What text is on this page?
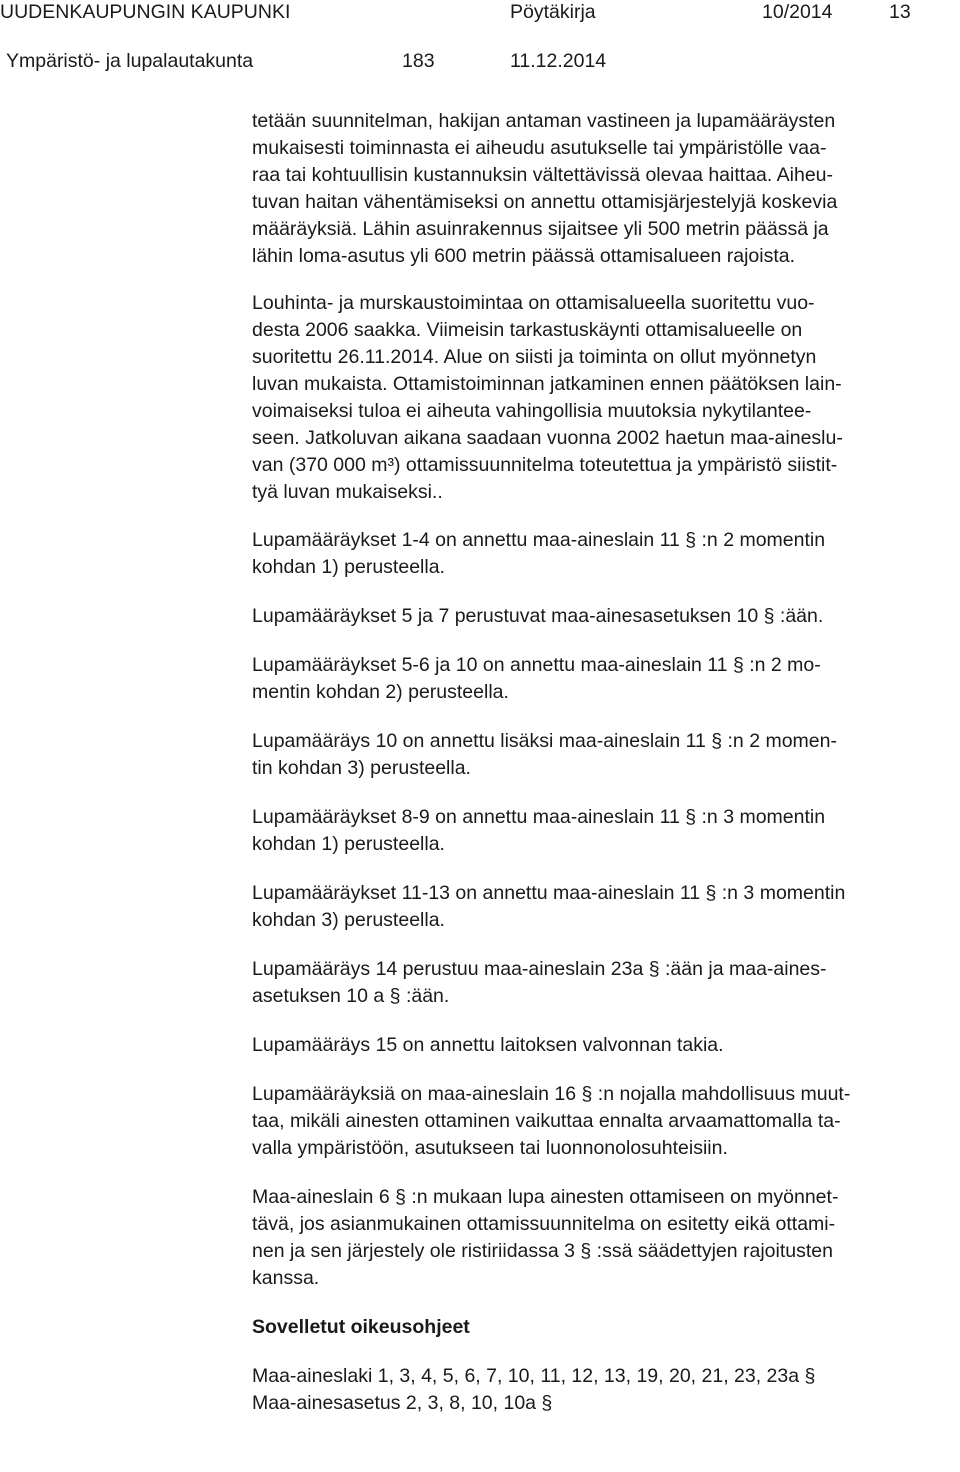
UUDENKAUPUNGIN KAUPUNKI	Pöytäkirja	10/2014	13
Ympäristö- ja lupalautakunta	183	11.12.2014
tetään suunnitelman, hakijan antaman vastineen ja lupamääräysten
mukaisesti toiminnasta ei aiheudu asutukselle tai ympäristölle vaa-
raa tai kohtuullisin kustannuksin vältettävissä olevaa haittaa. Aiheu-
tuvan haitan vähentämiseksi on annettu ottamisjärjestelyjä koskevia
määräyksiä. Lähin asuinrakennus sijaitsee yli 500 metrin päässä ja
lähin loma-asutus yli 600 metrin päässä ottamisalueen rajoista.
Louhinta- ja murskaustoimintaa on ottamisalueella suoritettu vuo-
desta 2006 saakka. Viimeisin tarkastuskäynti ottamisalueelle on
suoritettu 26.11.2014. Alue on siisti ja toiminta on ollut myönnetyn
luvan mukaista. Ottamistoiminnan jatkaminen ennen päätöksen lain-
voimaiseksi tuloa ei aiheuta vahingollisia muutoksia nykytilantee-
seen. Jatkoluvan aikana saadaan vuonna 2002 haetun maa-aineslu-
van (370 000 m³) ottamissuunnitelma toteutettua ja ympäristö siistit-
tyä luvan mukaiseksi..
Lupamääräykset 1-4 on annettu maa-aineslain 11 § :n 2 momentin
kohdan 1) perusteella.
Lupamääräykset 5 ja 7 perustuvat maa-ainesasetuksen 10 § :ään.
Lupamääräykset 5-6 ja 10 on annettu maa-aineslain 11 § :n 2 mo-
mentin kohdan 2) perusteella.
Lupamääräys 10 on annettu lisäksi maa-aineslain 11 § :n 2 momen-
tin kohdan 3) perusteella.
Lupamääräykset 8-9 on annettu maa-aineslain 11 § :n 3 momentin
kohdan 1) perusteella.
Lupamääräykset 11-13 on annettu maa-aineslain 11 § :n 3 momentin
kohdan 3) perusteella.
Lupamääräys 14 perustuu maa-aineslain 23a § :ään ja maa-aines-
asetuksen 10 a § :ään.
Lupamääräys 15 on annettu laitoksen valvonnan takia.
Lupamääräyksiä on maa-aineslain 16 § :n nojalla mahdollisuus muut-
taa, mikäli ainesten ottaminen vaikuttaa ennalta arvaamattomalla ta-
valla ympäristöön, asutukseen tai luonnonolosuhteisiin.
Maa-aineslain 6 § :n mukaan lupa ainesten ottamiseen on myönnet-
tävä, jos asianmukainen ottamissuunnitelma on esitetty eikä ottami-
nen ja sen järjestely ole ristiriidassa 3 § :ssä säädettyjen rajoitusten
kanssa.
Sovelletut oikeusohjeet
Maa-aineslaki 1, 3, 4, 5, 6, 7, 10, 11, 12, 13, 19, 20, 21, 23, 23a §
Maa-ainesasetus 2, 3, 8, 10, 10a §
